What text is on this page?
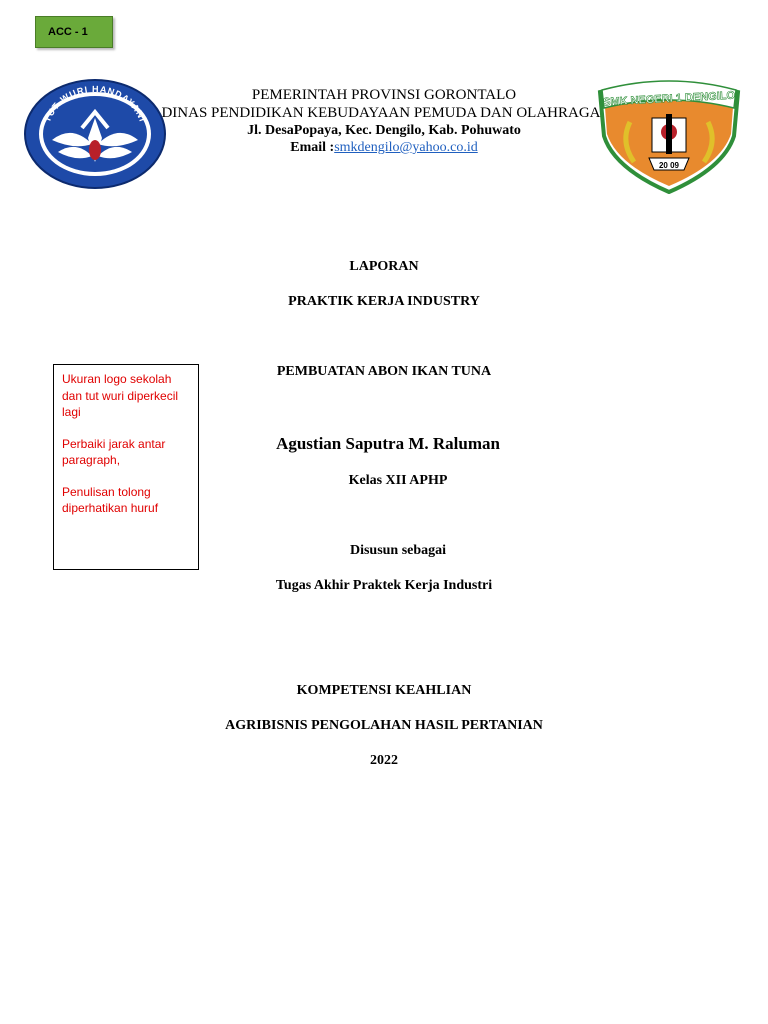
ACC - 1
TUT WURI HANDAYANI
SMK NEGERI 1 DENGILO
20 09
PEMERINTAH PROVINSI GORONTALO
DINAS PENDIDIKAN KEBUDAYAAN PEMUDA DAN OLAHRAGA
Jl. DesaPopaya, Kec. Dengilo, Kab. Pohuwato
Email :smkdengilo@yahoo.co.id
LAPORAN
PRAKTIK KERJA INDUSTRY
PEMBUATAN ABON IKAN TUNA
Agustian Saputra M. Raluman
Kelas XII APHP
Disusun sebagai
Tugas Akhir Praktek Kerja Industri
KOMPETENSI KEAHLIAN
AGRIBISNIS PENGOLAHAN HASIL PERTANIAN
2022

Ukuran logo sekolah dan tut wuri diperkecil lagi

Perbaiki jarak antar paragraph,

Penulisan tolong diperhatikan huruf
